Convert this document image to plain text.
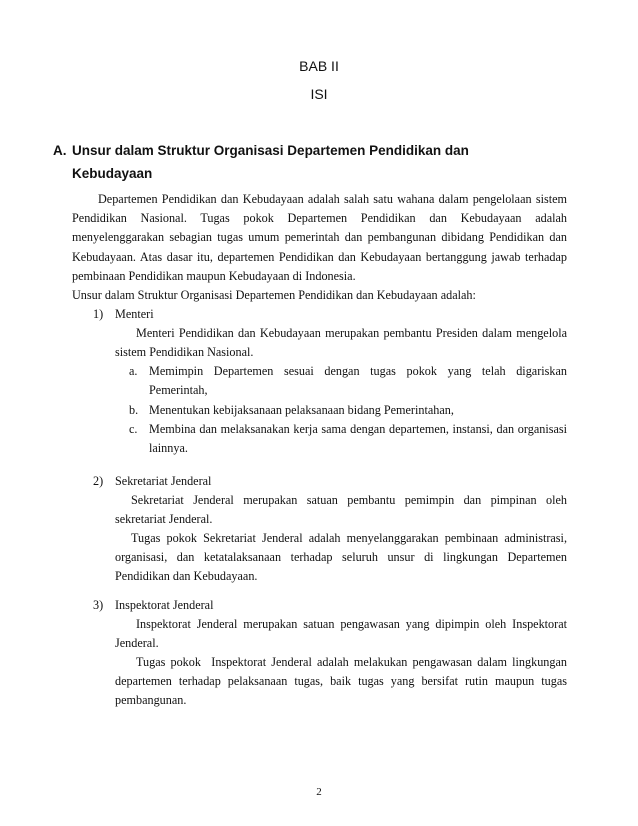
BAB II
ISI
A. Unsur dalam Struktur Organisasi Departemen Pendidikan dan
Kebudayaan
Departemen Pendidikan dan Kebudayaan adalah salah satu wahana dalam pengelolaan sistem Pendidikan Nasional. Tugas pokok Departemen Pendidikan dan Kebudayaan adalah menyelenggarakan sebagian tugas umum pemerintah dan pembangunan dibidang Pendidikan dan Kebudayaan. Atas dasar itu, departemen Pendidikan dan Kebudayaan bertanggung jawab terhadap pembinaan Pendidikan maupun Kebudayaan di Indonesia.
Unsur dalam Struktur Organisasi Departemen Pendidikan dan Kebudayaan adalah:
1) Menteri
Menteri Pendidikan dan Kebudayaan merupakan pembantu Presiden dalam mengelola sistem Pendidikan Nasional.
a. Memimpin Departemen sesuai dengan tugas pokok yang telah digariskan Pemerintah,
b. Menentukan kebijaksanaan pelaksanaan bidang Pemerintahan,
c. Membina dan melaksanakan kerja sama dengan departemen, instansi, dan organisasi lainnya.
2) Sekretariat Jenderal
Sekretariat Jenderal merupakan satuan pembantu pemimpin dan pimpinan oleh sekretariat Jenderal.
Tugas pokok Sekretariat Jenderal adalah menyelanggarakan pembinaan administrasi, organisasi, dan ketatalaksanaan terhadap seluruh unsur di lingkungan Departemen Pendidikan dan Kebudayaan.
3) Inspektorat Jenderal
Inspektorat Jenderal merupakan satuan pengawasan yang dipimpin oleh Inspektorat Jenderal.
Tugas pokok  Inspektorat Jenderal adalah melakukan pengawasan dalam lingkungan departemen terhadap pelaksanaan tugas, baik tugas yang bersifat rutin maupun tugas pembangunan.
2
